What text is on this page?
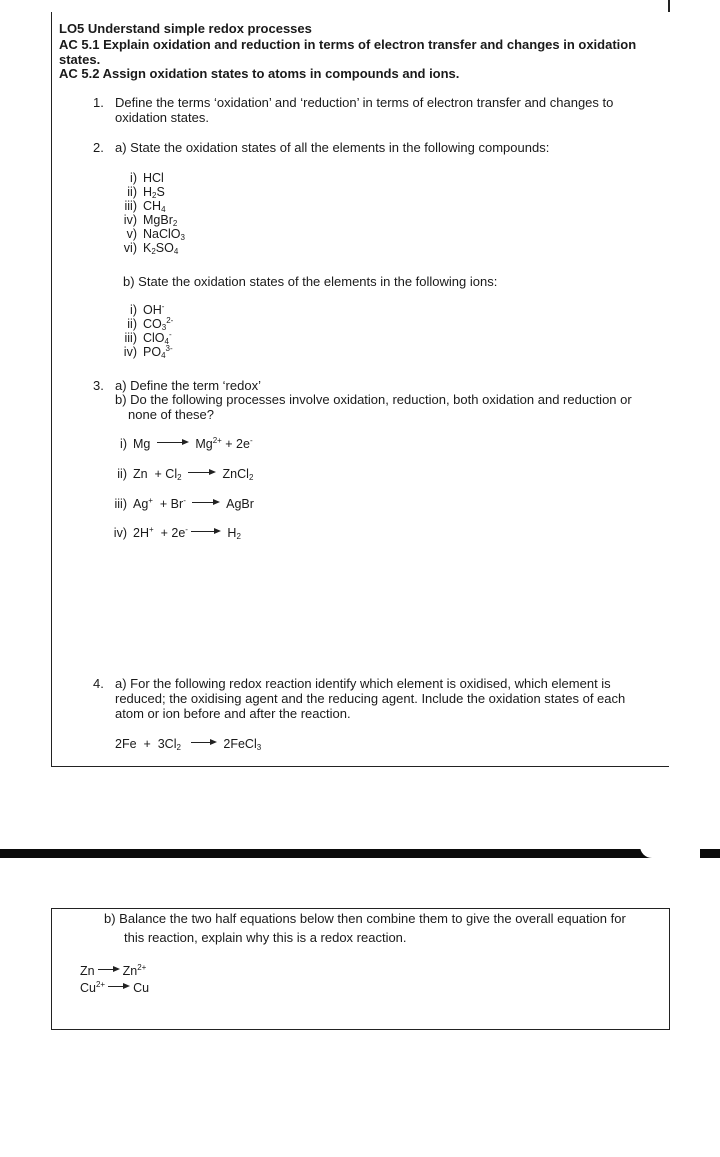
LO5 Understand simple redox processes
AC 5.1 Explain oxidation and reduction in terms of electron transfer and changes in oxidation
states.
AC 5.2 Assign oxidation states to atoms in compounds and ions.
1. Define the terms ‘oxidation’ and ‘reduction’ in terms of electron transfer and changes to
oxidation states.
2. a) State the oxidation states of all the elements in the following compounds:
i) HCl
ii) $H_2S$
iii) $CH_4$
iv) MgBr$_2$
v) NaClO$_3$
vi) $K_2SO_4$
b) State the oxidation states of the elements in the following ions:
i) OH-
ii) $CO_3^{2-}$
iii) ClO$_4$-
iv) $PO_4^{3-}$
3. a) Define the term ‘redox’
b) Do the following processes involve oxidation, reduction, both oxidation and reduction or
none of these?
i) Mg	$Mg^{2+} + 2e^-$
ii) $Zn + Cl_2$	ZnCl$_2$
iii) Ag+  + Br-	AgBr
iv) 2H+  + 2e-	$H_2$
4. a) For the following redox reaction identify which element is oxidised, which element is
reduced; the oxidising agent and the reducing agent. Include the oxidation states of each
atom or ion before and after the reaction.
$2Fe + 3Cl_2$	2FeCl$_3$
b) Balance the two half equations below then combine them to give the overall equation for
this reaction, explain why this is a redox reaction.
Zn $Zn^{2+}$
$Cu^{2+}$ Cu
